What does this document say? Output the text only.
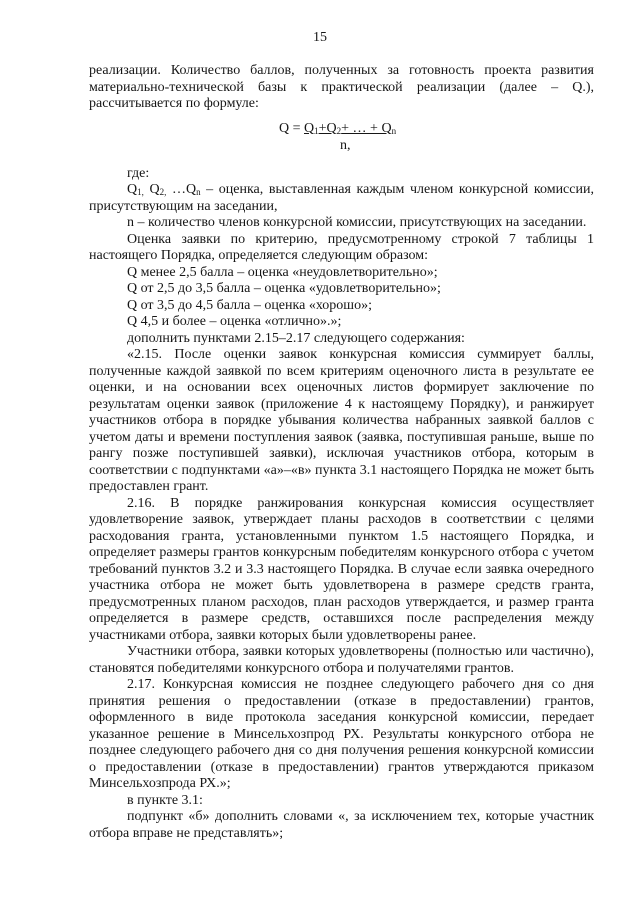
15

реализации. Количество баллов, полученных за готовность проекта развития материально-технической базы к практической реализации (далее – Q.), рассчитывается по формуле:

$Q = Q_1+Q_2+$ … + $Q_n$
n,

где:

$Q_{1,}$ $Q_{2,}$ $\dots Q_n$ – оценка, выставленная каждым членом конкурсной комиссии, присутствующим на заседании,

n – количество членов конкурсной комиссии, присутствующих на заседании.

Оценка заявки по критерию, предусмотренному строкой 7 таблицы 1 настоящего Порядка, определяется следующим образом:

Q менее 2,5 балла – оценка «неудовлетворительно»;

Q от 2,5 до 3,5 балла – оценка «удовлетворительно»;

Q от 3,5 до 4,5 балла – оценка «хорошо»;

Q 4,5 и более – оценка «отлично».»;

дополнить пунктами 2.15–2.17 следующего содержания:

«2.15. После оценки заявок конкурсная комиссия суммирует баллы, полученные каждой заявкой по всем критериям оценочного листа в результате ее оценки, и на основании всех оценочных листов формирует заключение по результатам оценки заявок (приложение 4 к настоящему Порядку), и ранжирует участников отбора в порядке убывания количества набранных заявкой баллов с учетом даты и времени поступления заявок (заявка, поступившая раньше, выше по рангу позже поступившей заявки), исключая участников отбора, которым в соответствии с подпунктами «а»–«в» пункта 3.1 настоящего Порядка не может быть предоставлен грант.

2.16. В порядке ранжирования конкурсная комиссия осуществляет удовлетворение заявок, утверждает планы расходов в соответствии с целями расходования гранта, установленными пунктом 1.5 настоящего Порядка, и определяет размеры грантов конкурсным победителям конкурсного отбора с учетом требований пунктов 3.2 и 3.3 настоящего Порядка. В случае если заявка очередного участника отбора не может быть удовлетворена в размере средств гранта, предусмотренных планом расходов, план расходов утверждается, и размер гранта определяется в размере средств, оставшихся после распределения между участниками отбора, заявки которых были удовлетворены ранее.

Участники отбора, заявки которых удовлетворены (полностью или частично), становятся победителями конкурсного отбора и получателями грантов.

2.17. Конкурсная комиссия не позднее следующего рабочего дня со дня принятия решения о предоставлении (отказе в предоставлении) грантов, оформленного в виде протокола заседания конкурсной комиссии, передает указанное решение в Минсельхозпрод РХ. Результаты конкурсного отбора не позднее следующего рабочего дня со дня получения решения конкурсной комиссии о предоставлении (отказе в предоставлении) грантов утверждаются приказом Минсельхозпрода РХ.»;

в пункте 3.1:

подпункт «б» дополнить словами «, за исключением тех, которые участник отбора вправе не представлять»;
